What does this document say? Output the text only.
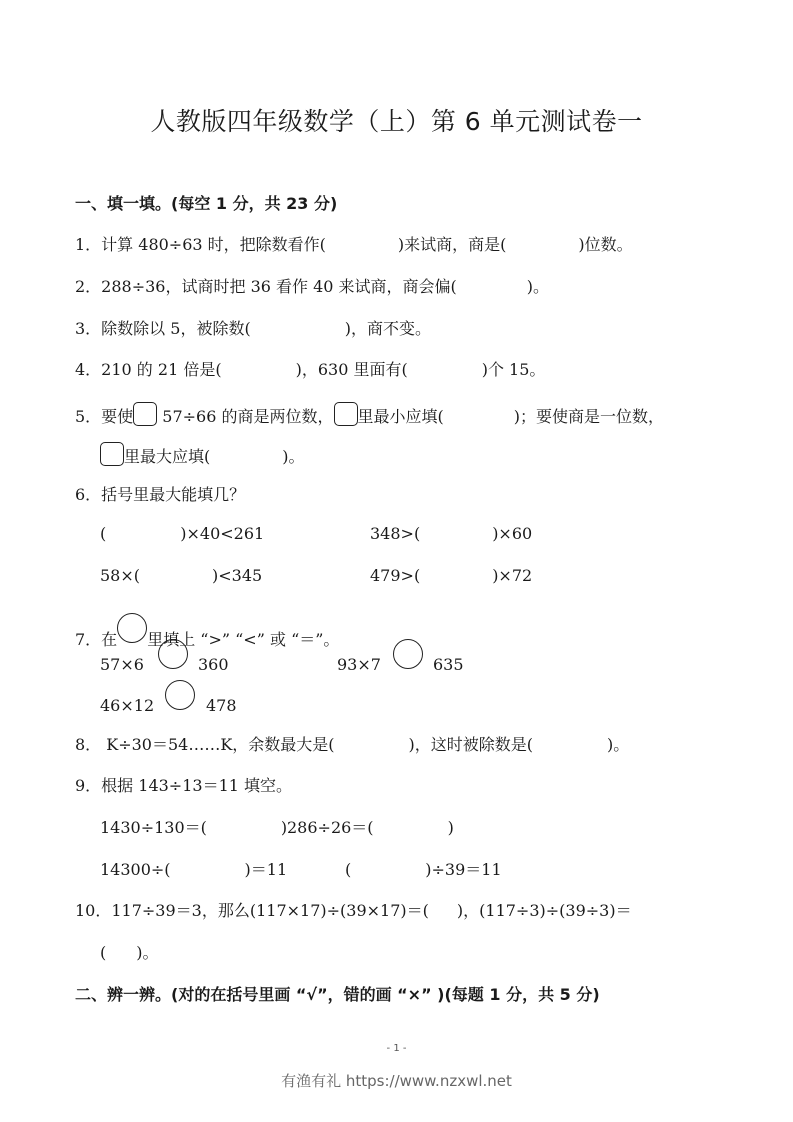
人教版四年级数学（上）第 6 单元测试卷一
一、填一填。(每空 1 分，共 23 分)
1．计算 480÷63 时，把除数看作(	)来试商，商是(	)位数。
2．288÷36，试商时把 36 看作 40 来试商，商会偏(	)。
3．除数除以 5，被除数(	)，商不变。
4．210 的 21 倍是(	)，630 里面有(	)个 15。
5．要使 57÷66 的商是两位数， 里最小应填(	)；要使商是一位数，
里最大应填(	)。
6．括号里最大能填几？
(	)×40<261	348>(	)×60
58×(	)<345	479>(	)×72
7．在 里填上 “>” “<” 或 “＝”。
57×6	360	93×7	635
46×12	478
8． K÷30＝54……K，余数最大是(	)，这时被除数是(	)。
9．根据 143÷13＝11 填空。
1430÷130＝(	) 286÷26＝(	)
14300÷(	)＝11	(	)÷39＝11
10．117÷39＝3，那么(117×17)÷(39×17)＝( )，(117÷3)÷(39÷3)＝
( )。
二、辨一辨。(对的在括号里画 “√”，错的画 “×” )(每题 1 分，共 5 分)
- 1 -
有渔有礼 https://www.nzxwl.net
